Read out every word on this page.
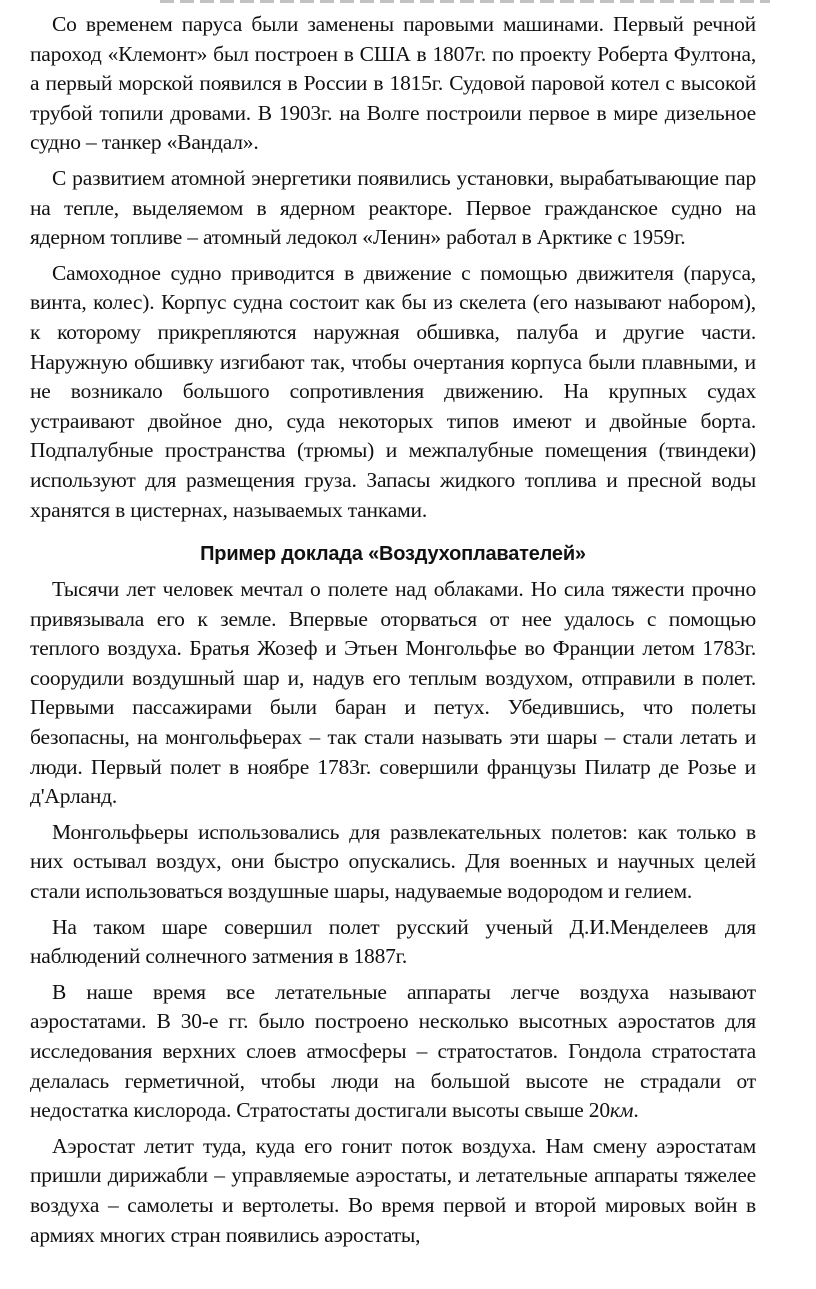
Со временем паруса были заменены паровыми машинами. Первый речной пароход «Клемонт» был построен в США в 1807г. по проекту Роберта Фултона, а первый морской появился в России в 1815г. Судовой паровой котел с высокой трубой топили дровами. В 1903г. на Волге построили первое в мире дизельное судно – танкер «Вандал».

С развитием атомной энергетики появились установки, вырабатывающие пар на тепле, выделяемом в ядерном реакторе. Первое гражданское судно на ядерном топливе – атомный ледокол «Ленин» работал в Арктике с 1959г.

Самоходное судно приводится в движение с помощью движителя (паруса, винта, колес). Корпус судна состоит как бы из скелета (его называют набором), к которому прикрепляются наружная обшивка, палуба и другие части. Наружную обшивку изгибают так, чтобы очертания корпуса были плавными, и не возникало большого сопротивления движению. На крупных судах устраивают двойное дно, суда некоторых типов имеют и двойные борта. Подпалубные пространства (трюмы) и межпалубные помещения (твиндеки) используют для размещения груза. Запасы жидкого топлива и пресной воды хранятся в цистернах, называемых танками.

Пример доклада «Воздухоплавателей»

Тысячи лет человек мечтал о полете над облаками. Но сила тяжести прочно привязывала его к земле. Впервые оторваться от нее удалось с помощью теплого воздуха. Братья Жозеф и Этьен Монгольфье во Франции летом 1783г. соорудили воздушный шар и, надув его теплым воздухом, отправили в полет. Первыми пассажирами были баран и петух. Убедившись, что полеты безопасны, на монгольфьерах – так стали называть эти шары – стали летать и люди. Первый полет в ноябре 1783г. совершили французы Пилатр де Розье и д'Арланд.

Монгольфьеры использовались для развлекательных полетов: как только в них остывал воздух, они быстро опускались. Для военных и научных целей стали использоваться воздушные шары, надуваемые водородом и гелием.

На таком шаре совершил полет русский ученый Д.И.Менделеев для наблюдений солнечного затмения в 1887г.

В наше время все летательные аппараты легче воздуха называют аэростатами. В 30-е гг. было построено несколько высотных аэростатов для исследования верхних слоев атмосферы – стратостатов. Гондола стратостата делалась герметичной, чтобы люди на большой высоте не страдали от недостатка кислорода. Стратостаты достигали высоты свыше 20км.

Аэростат летит туда, куда его гонит поток воздуха. Нам смену аэростатам пришли дирижабли – управляемые аэростаты, и летательные аппараты тяжелее воздуха – самолеты и вертолеты. Во время первой и второй мировых войн в армиях многих стран появились аэростаты,
